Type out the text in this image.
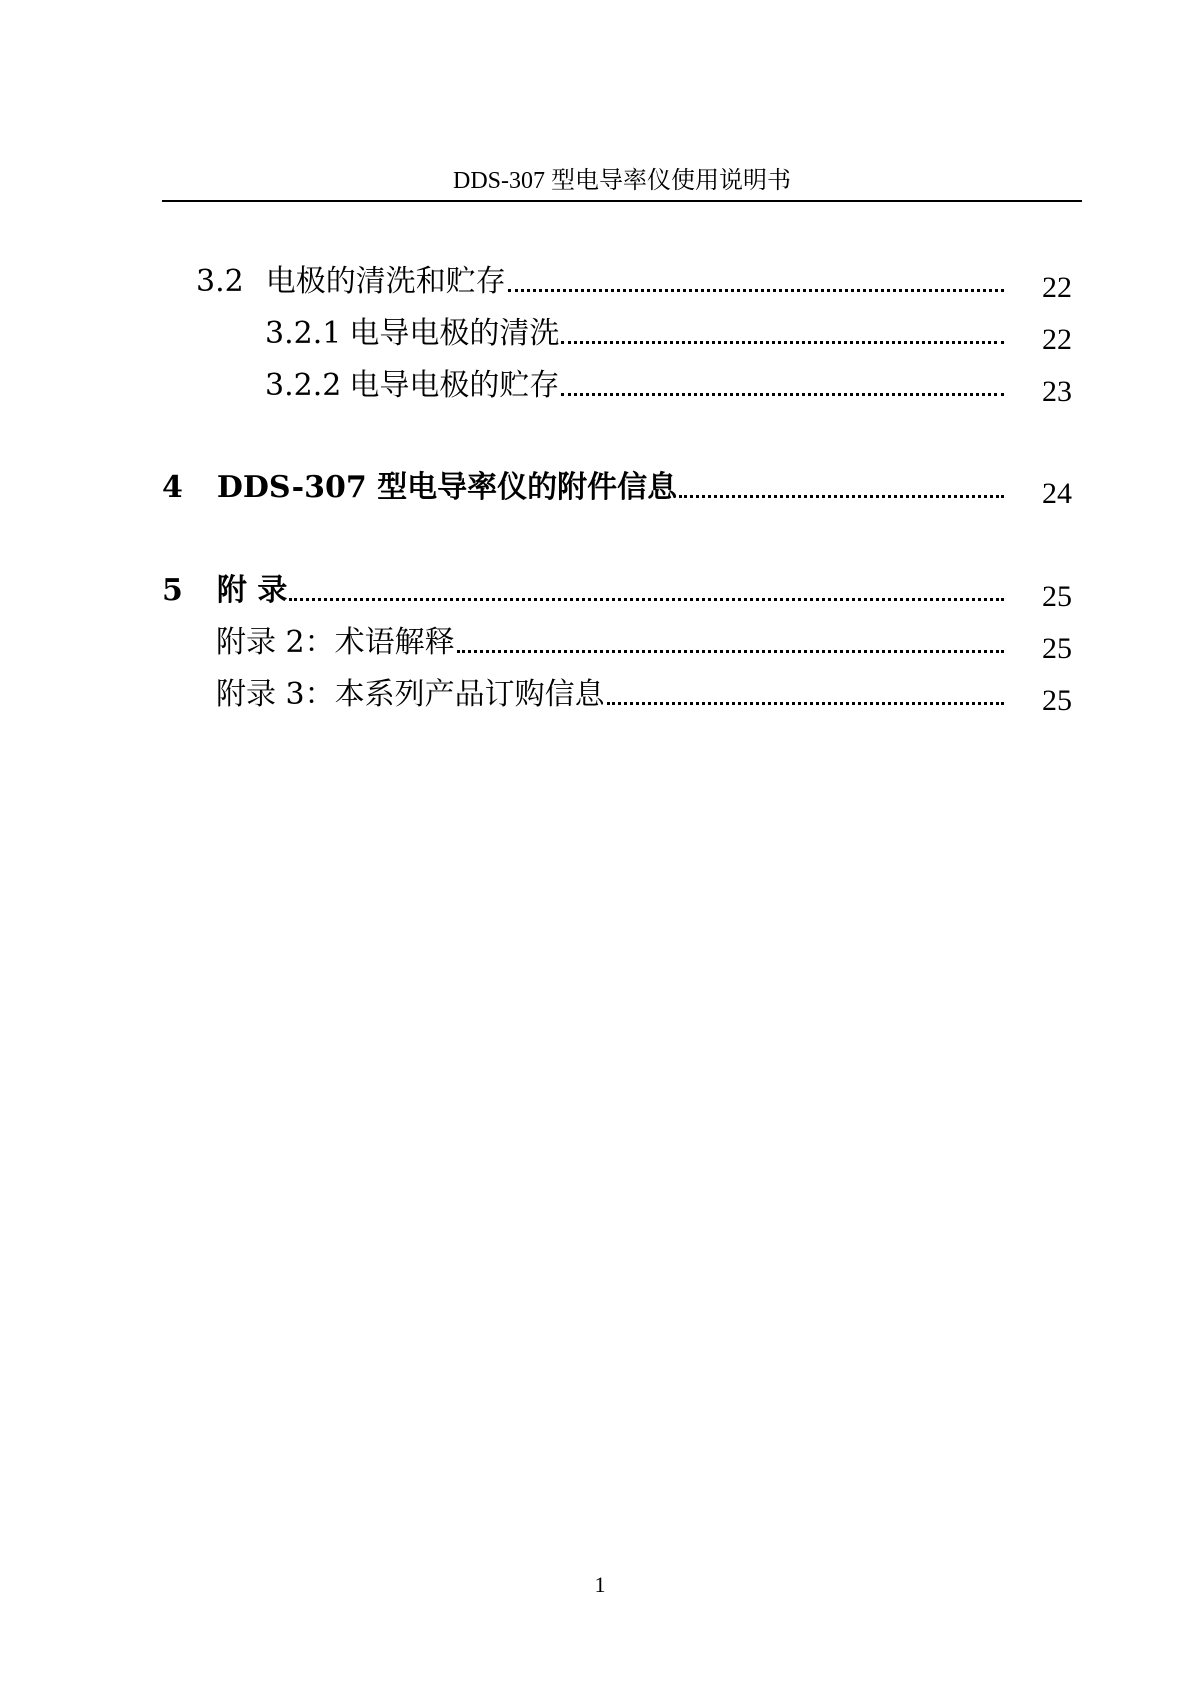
DDS-307 型电导率仪使用说明书
3.2 电极的清洗和贮存	22
3.2.1 电导电极的清洗	22
3.2.2 电导电极的贮存	23
4 DDS-307 型电导率仪的附件信息	24
5 附 录	25
附录 2：术语解释	25
附录 3：本系列产品订购信息	25
1
